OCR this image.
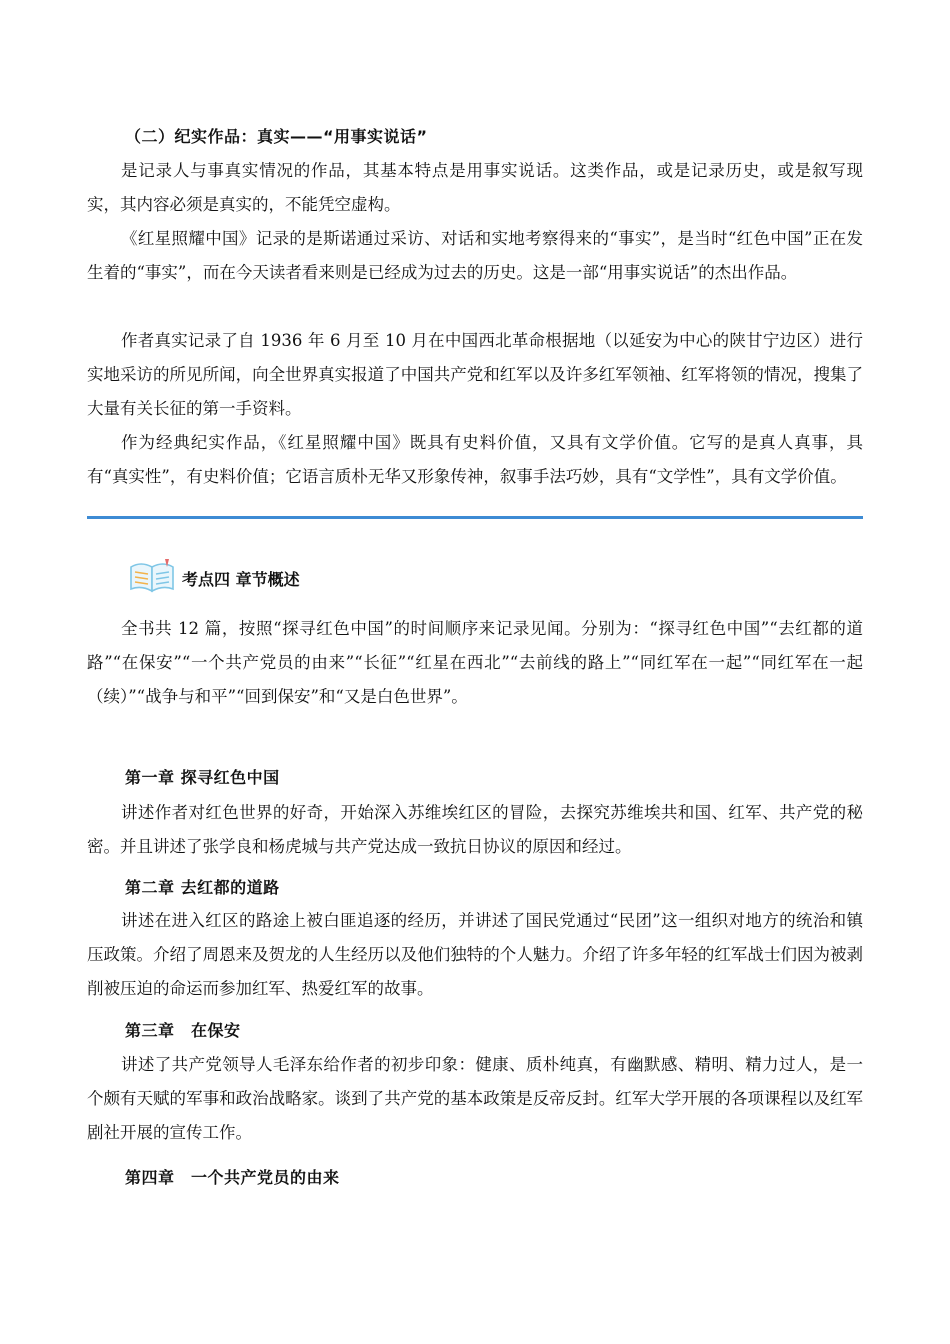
（二）纪实作品：真实——“用事实说话”

是记录人与事真实情况的作品，其基本特点是用事实说话。这类作品，或是记录历史，或是叙写现实，其内容必须是真实的，不能凭空虚构。

《红星照耀中国》记录的是斯诺通过采访、对话和实地考察得来的“事实”，是当时“红色中国”正在发生着的“事实”，而在今天读者看来则是已经成为过去的历史。这是一部“用事实说话”的杰出作品。

作者真实记录了自 1936 年 6 月至 10 月在中国西北革命根据地（以延安为中心的陕甘宁边区）进行实地采访的所见所闻，向全世界真实报道了中国共产党和红军以及许多红军领袖、红军将领的情况，搜集了大量有关长征的第一手资料。

作为经典纪实作品，《红星照耀中国》既具有史料价值，又具有文学价值。它写的是真人真事，具有“真实性”，有史料价值；它语言质朴无华又形象传神，叙事手法巧妙，具有“文学性”，具有文学价值。

考点四 章节概述

全书共 12 篇，按照“探寻红色中国”的时间顺序来记录见闻。分别为：“探寻红色中国”“去红都的道路”“在保安”“一个共产党员的由来”“长征”“红星在西北”“去前线的路上”“同红军在一起”“同红军在一起（续）”“战争与和平”“回到保安”和“又是白色世界”。

第一章 探寻红色中国

讲述作者对红色世界的好奇，开始深入苏维埃红区的冒险，去探究苏维埃共和国、红军、共产党的秘密。并且讲述了张学良和杨虎城与共产党达成一致抗日协议的原因和经过。

第二章 去红都的道路

讲述在进入红区的路途上被白匪追逐的经历，并讲述了国民党通过“民团”这一组织对地方的统治和镇压政策。介绍了周恩来及贺龙的人生经历以及他们独特的个人魅力。介绍了许多年轻的红军战士们因为被剥削被压迫的命运而参加红军、热爱红军的故事。

第三章　在保安

讲述了共产党领导人毛泽东给作者的初步印象：健康、质朴纯真，有幽默感、精明、精力过人，是一个颇有天赋的军事和政治战略家。谈到了共产党的基本政策是反帝反封。红军大学开展的各项课程以及红军剧社开展的宣传工作。

第四章　一个共产党员的由来
